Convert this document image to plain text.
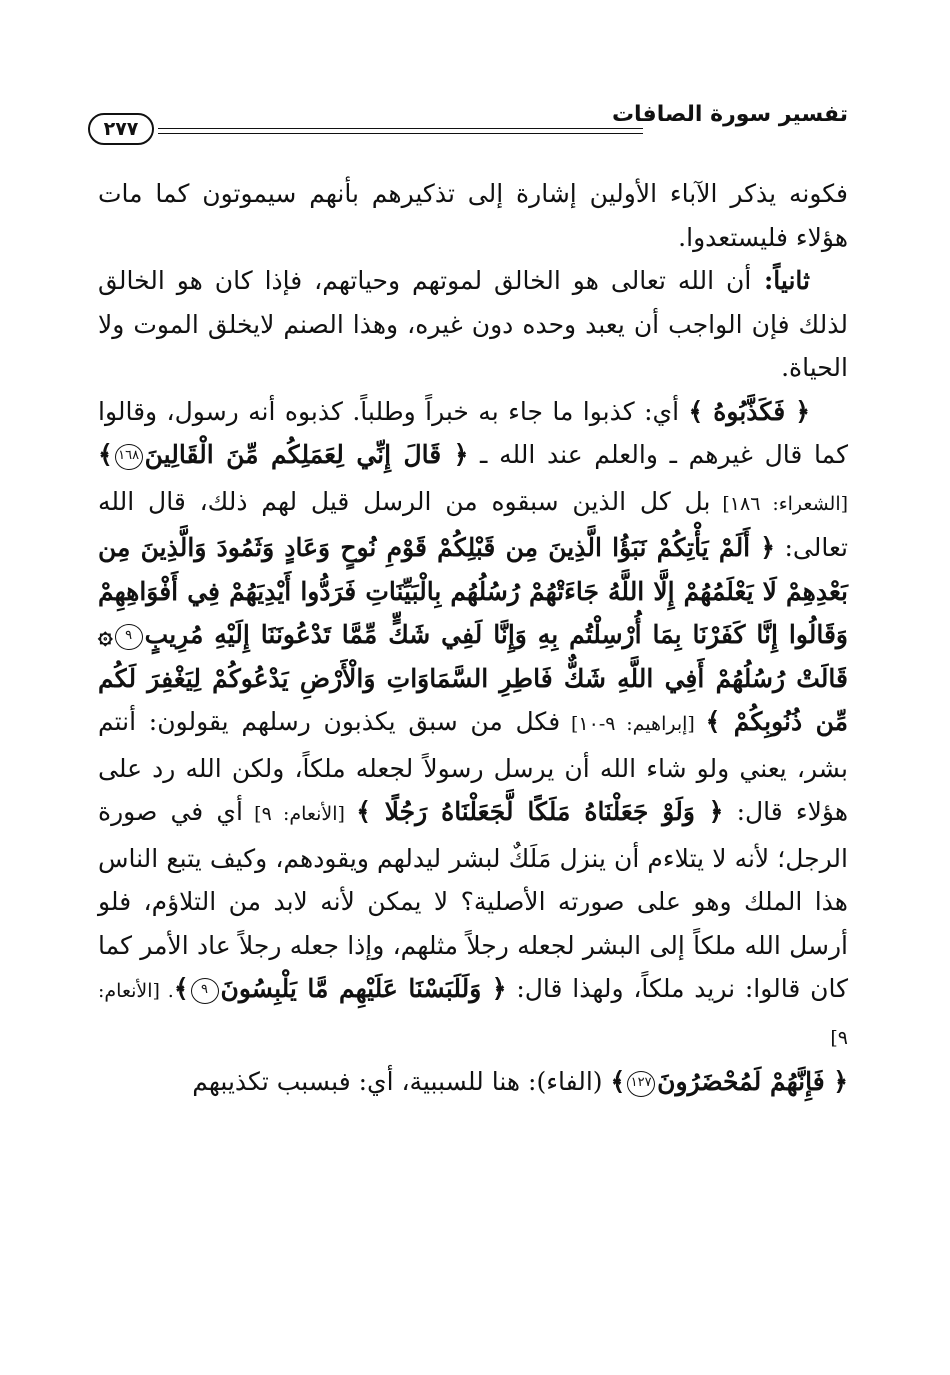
تفسير سورة الصافات
٢٧٧

فكونه يذكر الآباء الأولين إشارة إلى تذكيرهم بأنهم سيموتون كما مات هؤلاء فليستعدوا.

ثانياً: أن الله تعالى هو الخالق لموتهم وحياتهم، فإذا كان هو الخالق لذلك فإن الواجب أن يعبد وحده دون غيره، وهذا الصنم لايخلق الموت ولا الحياة.

﴿ فَكَذَّبُوهُ ﴾ أي: كذبوا ما جاء به خبراً وطلباً. كذبوه أنه رسول، وقالوا كما قال غيرهم ـ والعلم عند الله ـ ﴿ قَالَ إِنِّي لِعَمَلِكُم مِّنَ الْقَالِينَ١٦٨﴾ [الشعراء: ١٨٦] بل كل الذين سبقوه من الرسل قيل لهم ذلك، قال الله تعالى: ﴿ أَلَمْ يَأْتِكُمْ نَبَؤُا الَّذِينَ مِن قَبْلِكُمْ قَوْمِ نُوحٍ وَعَادٍ وَثَمُودَ وَالَّذِينَ مِن بَعْدِهِمْ لَا يَعْلَمُهُمْ إِلَّا اللَّهُ جَاءَتْهُمْ رُسُلُهُم بِالْبَيِّنَاتِ فَرَدُّوا أَيْدِيَهُمْ فِي أَفْوَاهِهِمْ وَقَالُوا إِنَّا كَفَرْنَا بِمَا أُرْسِلْتُم بِهِ وَإِنَّا لَفِي شَكٍّ مِّمَّا تَدْعُونَنَا إِلَيْهِ مُرِيبٍ٩۞ قَالَتْ رُسُلُهُمْ أَفِي اللَّهِ شَكٌّ فَاطِرِ السَّمَاوَاتِ وَالْأَرْضِ يَدْعُوكُمْ لِيَغْفِرَ لَكُم مِّن ذُنُوبِكُمْ ﴾ [إبراهيم: ٩-١٠] فكل من سبق يكذبون رسلهم يقولون: أنتم بشر، يعني ولو شاء الله أن يرسل رسولاً لجعله ملكاً، ولكن الله رد على هؤلاء قال: ﴿ وَلَوْ جَعَلْنَاهُ مَلَكًا لَّجَعَلْنَاهُ رَجُلًا ﴾ [الأنعام: ٩] أي في صورة الرجل؛ لأنه لا يتلاءم أن ينزل مَلَكٌ لبشر ليدلهم ويقودهم، وكيف يتبع الناس هذا الملك وهو على صورته الأصلية؟ لا يمكن لأنه لابد من التلاؤم، فلو أرسل الله ملكاً إلى البشر لجعله رجلاً مثلهم، وإذا جعله رجلاً عاد الأمر كما كان قالوا: نريد ملكاً، ولهذا قال: ﴿ وَلَلَبَسْنَا عَلَيْهِم مَّا يَلْبِسُونَ٩﴾. [الأنعام: ٩]

﴿ فَإِنَّهُمْ لَمُحْضَرُونَ١٢٧﴾ (الفاء): هنا للسببية، أي: فبسبب تكذيبهم
